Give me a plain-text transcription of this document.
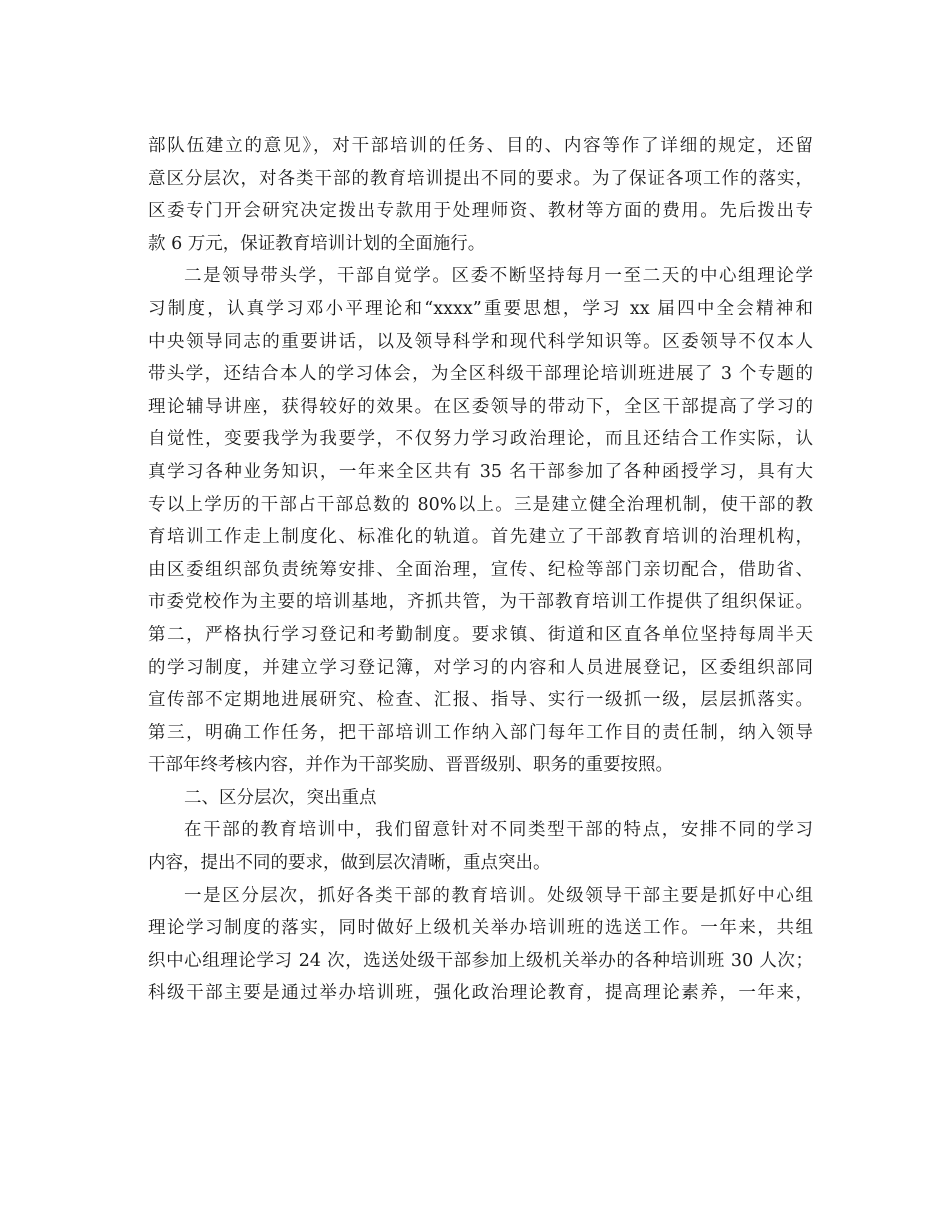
部队伍建立的意见》，对干部培训的任务、目的、内容等作了详细的规定，还留
意区分层次，对各类干部的教育培训提出不同的要求。为了保证各项工作的落实，
区委专门开会研究决定拨出专款用于处理师资、教材等方面的费用。先后拨出专
款 6 万元，保证教育培训计划的全面施行。
二是领导带头学，干部自觉学。区委不断坚持每月一至二天的中心组理论学
习制度，认真学习邓小平理论和“xxxx”重要思想，学习 xx 届四中全会精神和
中央领导同志的重要讲话，以及领导科学和现代科学知识等。区委领导不仅本人
带头学，还结合本人的学习体会，为全区科级干部理论培训班进展了 3 个专题的
理论辅导讲座，获得较好的效果。在区委领导的带动下，全区干部提高了学习的
自觉性，变要我学为我要学，不仅努力学习政治理论，而且还结合工作实际，认
真学习各种业务知识，一年来全区共有 35 名干部参加了各种函授学习，具有大
专以上学历的干部占干部总数的 80%以上。三是建立健全治理机制，使干部的教
育培训工作走上制度化、标准化的轨道。首先建立了干部教育培训的治理机构，
由区委组织部负责统筹安排、全面治理，宣传、纪检等部门亲切配合，借助省、
市委党校作为主要的培训基地，齐抓共管，为干部教育培训工作提供了组织保证。
第二，严格执行学习登记和考勤制度。要求镇、街道和区直各单位坚持每周半天
的学习制度，并建立学习登记簿，对学习的内容和人员进展登记，区委组织部同
宣传部不定期地进展研究、检查、汇报、指导、实行一级抓一级，层层抓落实。
第三，明确工作任务，把干部培训工作纳入部门每年工作目的责任制，纳入领导
干部年终考核内容，并作为干部奖励、晋晋级别、职务的重要按照。
二、区分层次，突出重点
在干部的教育培训中，我们留意针对不同类型干部的特点，安排不同的学习
内容，提出不同的要求，做到层次清晰，重点突出。
一是区分层次，抓好各类干部的教育培训。处级领导干部主要是抓好中心组
理论学习制度的落实，同时做好上级机关举办培训班的选送工作。一年来，共组
织中心组理论学习 24 次，选送处级干部参加上级机关举办的各种培训班 30 人次；
科级干部主要是通过举办培训班，强化政治理论教育，提高理论素养，一年来，
